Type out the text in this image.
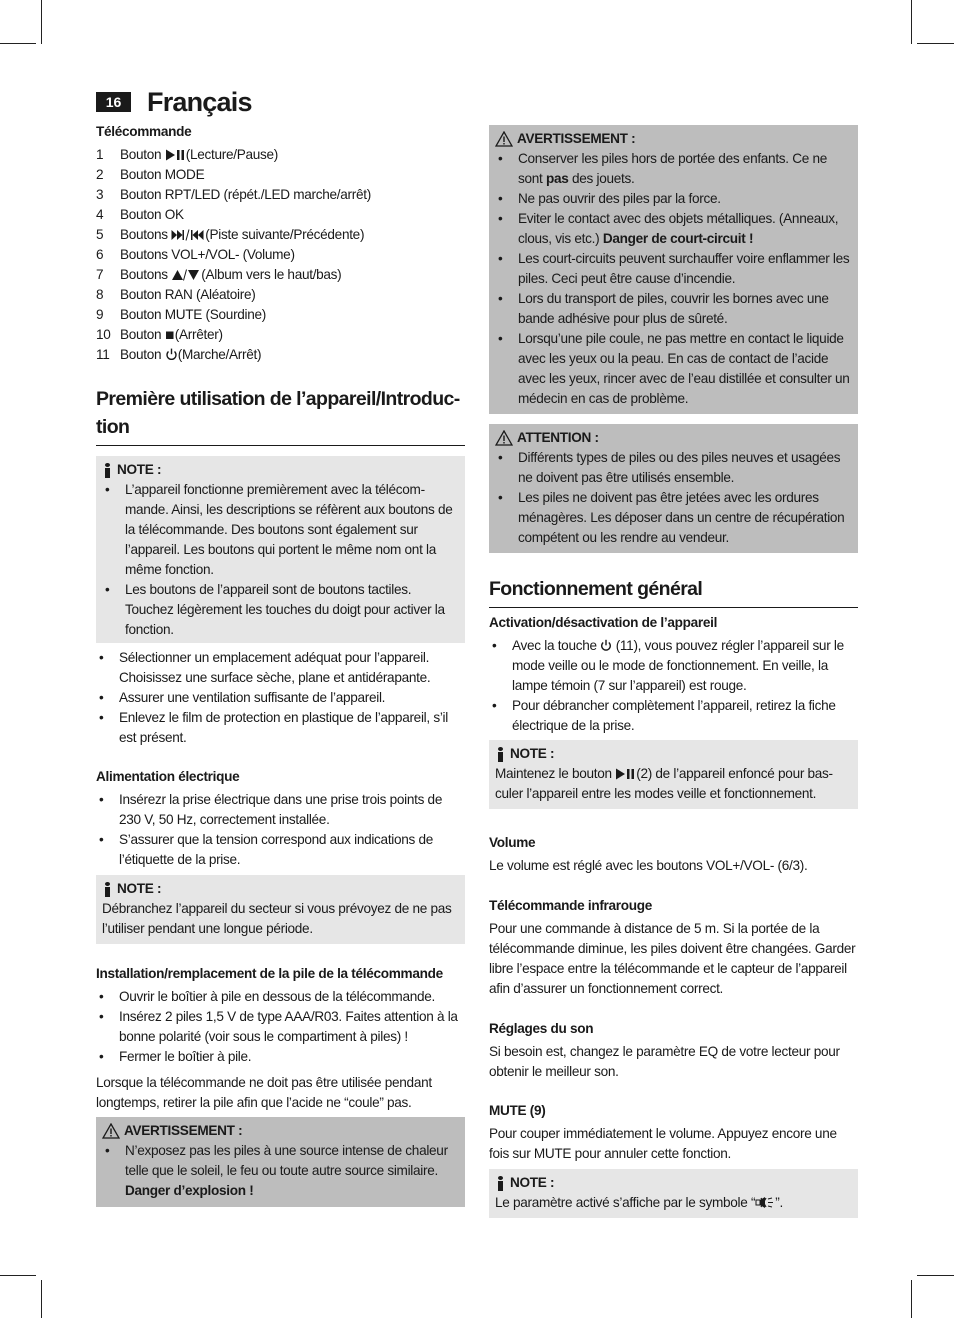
16 Français
Télécommande
1	Bouton (Lecture/Pause)
2	Bouton MODE
3	Bouton RPT/LED (répét./LED marche/arrêt)
4	Bouton OK
5	Boutons	(Piste suivante/Précédente)
6	Boutons VOL+/VOL- (Volume)
7	Boutons (Album vers le haut/bas)
8	Bouton RAN (Aléatoire)
9	Bouton MUTE (Sourdine)
10 Bouton (Arrêter)
11 Bouton (Marche/Arrêt)
Première utilisation de l’appareil/Introduc-
tion
NOTE :
• L’appareil fonctionne premièrement avec la télécommande. Ainsi, les descriptions se réfèrent aux boutons de la télécommande. Des boutons sont également sur l’appareil. Les boutons qui portent le même nom ont la même fonction.
• Les boutons de l’appareil sont de boutons tactiles. Touchez légèrement les touches du doigt pour activer la fonction.
• Sélectionner un emplacement adéquat pour l’appareil. Choisissez une surface sèche, plane et antidérapante.
• Assurer une ventilation suffisante de l’appareil.
• Enlevez le film de protection en plastique de l’appareil, s’il est présent.
Alimentation électrique
• Insérezr la prise électrique dans une prise trois points de 230 V, 50 Hz, correctement installée.
• S’assurer que la tension correspond aux indications de l’étiquette de la prise.
NOTE :
Débranchez l’appareil du secteur si vous prévoyez de ne pas l’utiliser pendant une longue période.
Installation/remplacement de la pile de la télécommande
• Ouvrir le boîtier à pile en dessous de la télécommande.
• Insérez 2 piles 1,5 V de type AAA/R03. Faites attention à la bonne polarité (voir sous le compartiment à piles) !
• Fermer le boîtier à pile.
Lorsque la télécommande ne doit pas être utilisée pendant longtemps, retirer la pile afin que l’acide ne “coule” pas.
AVERTISSEMENT :
• N’exposez pas les piles à une source intense de chaleur telle que le soleil, le feu ou toute autre source similaire. Danger d’explosion !
AVERTISSEMENT :
• Conserver les piles hors de portée des enfants. Ce ne sont pas des jouets.
• Ne pas ouvrir des piles par la force.
• Eviter le contact avec des objets métalliques. (Anneaux, clous, vis etc.) Danger de court-circuit !
• Les court-circuits peuvent surchauffer voire enflammer les piles. Ceci peut être cause d’incendie.
• Lors du transport de piles, couvrir les bornes avec une bande adhésive pour plus de sûreté.
• Lorsqu’une pile coule, ne pas mettre en contact le liquide avec les yeux ou la peau. En cas de contact de l’acide avec les yeux, rincer avec de l’eau distillée et consulter un médecin en cas de problème.
ATTENTION :
• Différents types de piles ou des piles neuves et usagées ne doivent pas être utilisés ensemble.
• Les piles ne doivent pas être jetées avec les ordures ménagères. Les déposer dans un centre de récupération compétent ou les rendre au vendeur.
Fonctionnement général
Activation/désactivation de l’appareil
• Avec la touche (11), vous pouvez régler l’appareil sur le mode veille ou le mode de fonctionnement. En veille, la lampe témoin (7 sur l’appareil) est rouge.
• Pour débrancher complètement l’appareil, retirez la fiche électrique de la prise.
NOTE :
Maintenez le bouton (2) de l’appareil enfoncé pour basculer l’appareil entre les modes veille et fonctionnement.
Volume
Le volume est réglé avec les boutons VOL+/VOL- (6/3).
Télécommande infrarouge
Pour une commande à distance de 5 m. Si la portée de la télécommande diminue, les piles doivent être changées. Garder libre l’espace entre la télécommande et le capteur de l’appareil afin d’assurer un fonctionnement correct.
Réglages du son
Si besoin est, changez le paramètre EQ de votre lecteur pour obtenir le meilleur son.
MUTE (9)
Pour couper immédiatement le volume. Appuyez encore une fois sur MUTE pour annuler cette fonction.
NOTE :
Le paramètre activé s’affiche par le symbole “ ”.
